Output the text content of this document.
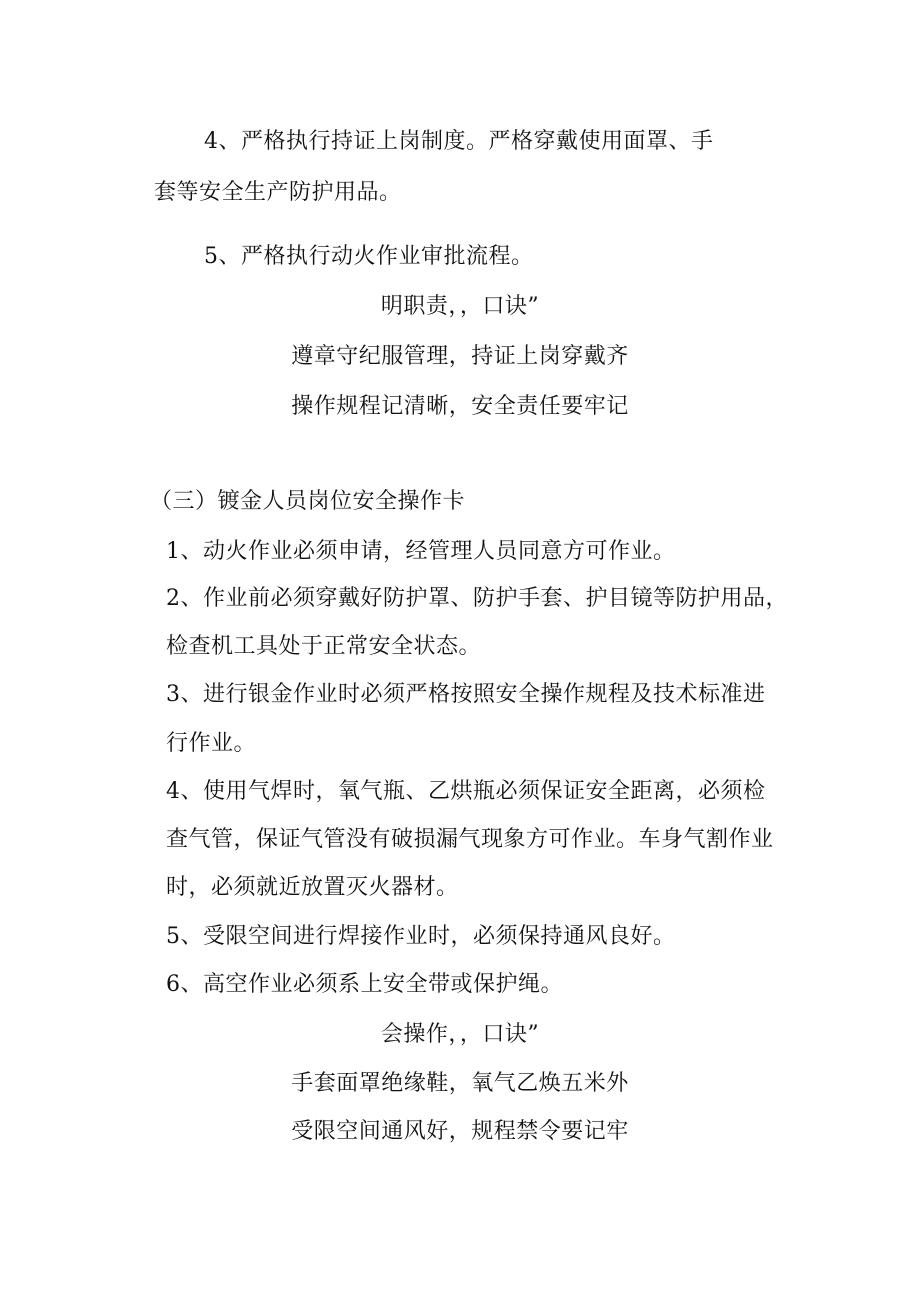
4、严格执行持证上岗制度。严格穿戴使用面罩、手
套等安全生产防护用品。
5、严格执行动火作业审批流程。
明职责，，口诀”
遵章守纪服管理，持证上岗穿戴齐
操作规程记清晰，安全责任要牢记
（三）镀金人员岗位安全操作卡
1、动火作业必须申请，经管理人员同意方可作业。
2、作业前必须穿戴好防护罩、防护手套、护目镜等防护用品，
检查机工具处于正常安全状态。
3、进行银金作业时必须严格按照安全操作规程及技术标准进
行作业。
4、使用气焊时，氧气瓶、乙烘瓶必须保证安全距离，必须检
查气管，保证气管没有破损漏气现象方可作业。车身气割作业
时，必须就近放置灭火器材。
5、受限空间进行焊接作业时，必须保持通风良好。
6、高空作业必须系上安全带或保护绳。
会操作，，口诀”
手套面罩绝缘鞋，氧气乙焕五米外
受限空间通风好，规程禁令要记牢
